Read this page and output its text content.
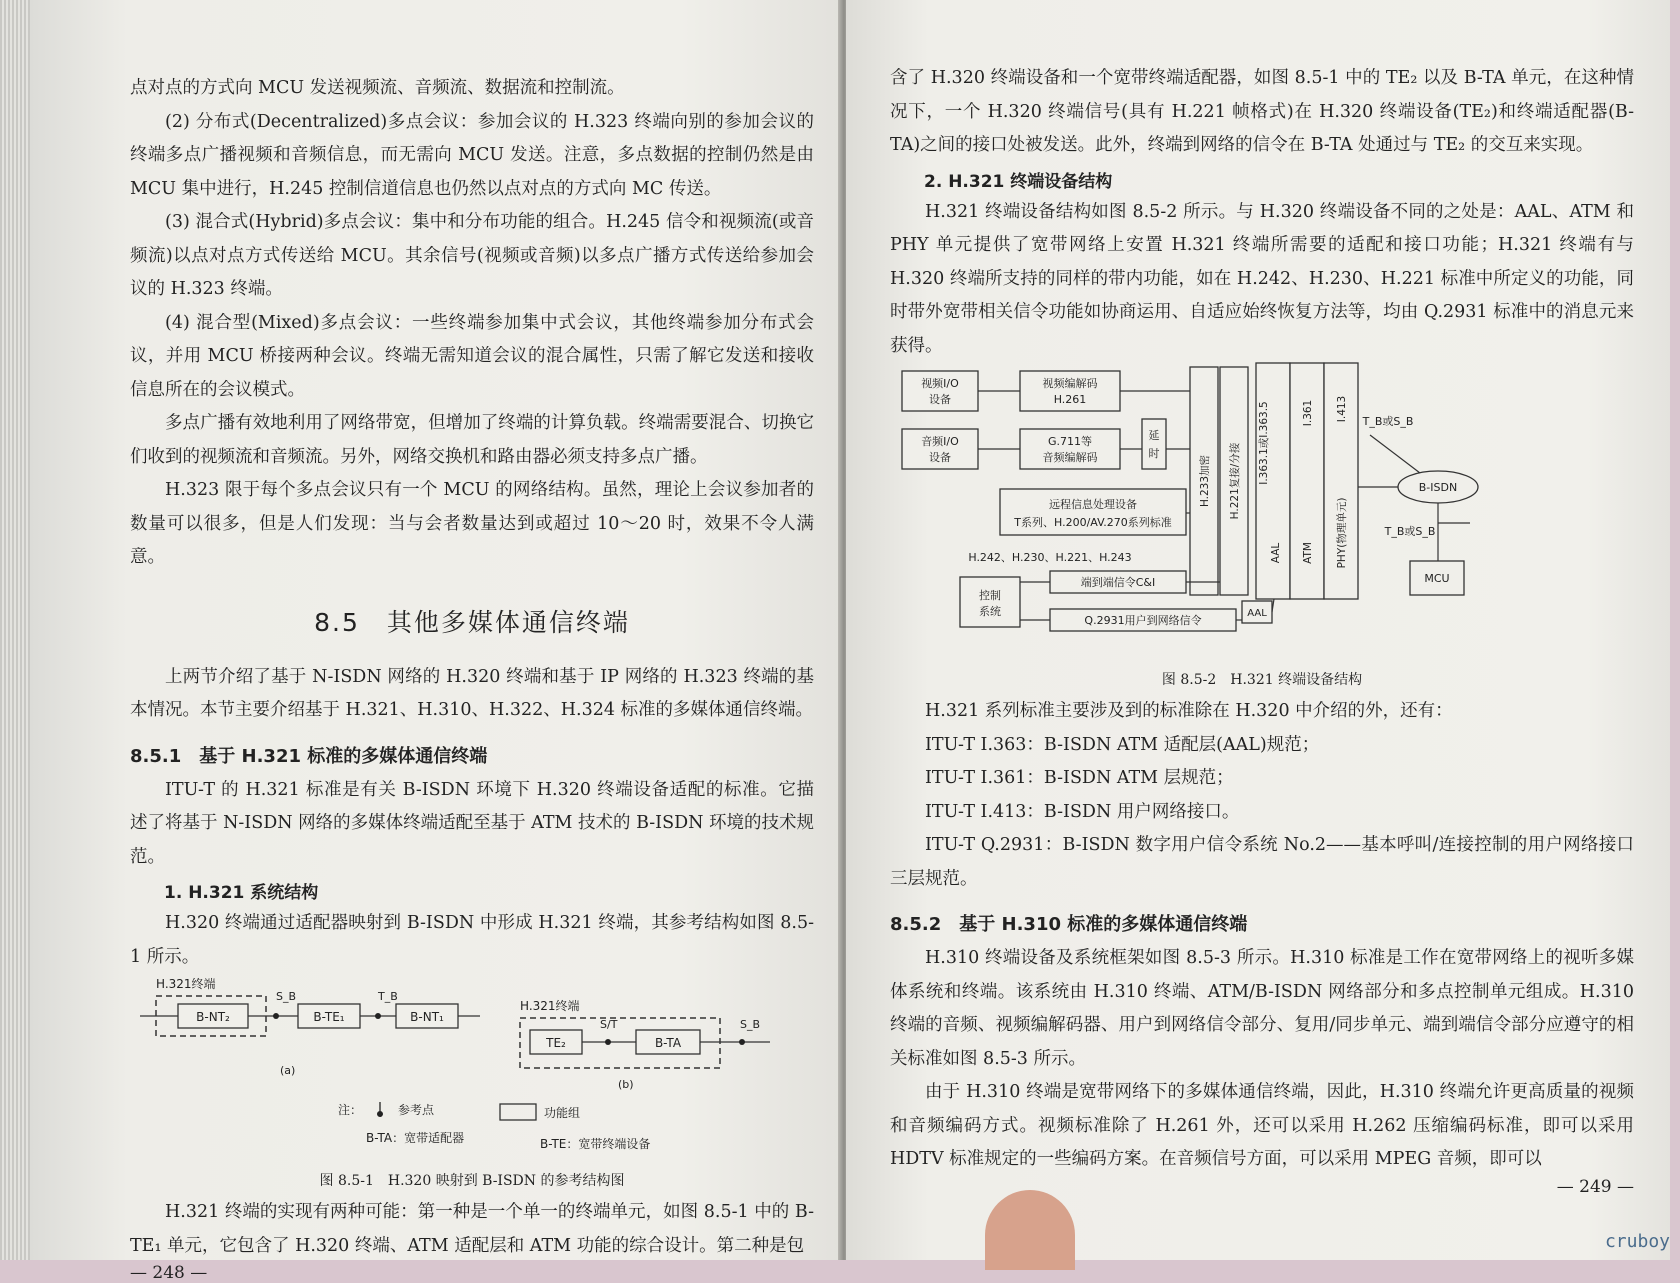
点对点的方式向 MCU 发送视频流、音频流、数据流和控制流。

(2) 分布式(Decentralized)多点会议：参加会议的 H.323 终端向别的参加会议的终端多点广播视频和音频信息，而无需向 MCU 发送。注意，多点数据的控制仍然是由 MCU 集中进行，H.245 控制信道信息也仍然以点对点的方式向 MC 传送。

(3) 混合式(Hybrid)多点会议：集中和分布功能的组合。H.245 信令和视频流(或音频流)以点对点方式传送给 MCU。其余信号(视频或音频)以多点广播方式传送给参加会议的 H.323 终端。

(4) 混合型(Mixed)多点会议：一些终端参加集中式会议，其他终端参加分布式会议，并用 MCU 桥接两种会议。终端无需知道会议的混合属性，只需了解它发送和接收信息所在的会议模式。

多点广播有效地利用了网络带宽，但增加了终端的计算负载。终端需要混合、切换它们收到的视频流和音频流。另外，网络交换机和路由器必须支持多点广播。

H.323 限于每个多点会议只有一个 MCU 的网络结构。虽然，理论上会议参加者的数量可以很多，但是人们发现：当与会者数量达到或超过 10～20 时，效果不令人满意。

8.5　其他多媒体通信终端

上两节介绍了基于 N-ISDN 网络的 H.320 终端和基于 IP 网络的 H.323 终端的基本情况。本节主要介绍基于 H.321、H.310、H.322、H.324 标准的多媒体通信终端。

8.5.1　基于 H.321 标准的多媒体通信终端

ITU-T 的 H.321 标准是有关 B-ISDN 环境下 H.320 终端设备适配的标准。它描述了将基于 N-ISDN 网络的多媒体终端适配至基于 ATM 技术的 B-ISDN 环境的技术规范。

1. H.321 系统结构

H.320 终端通过适配器映射到 B-ISDN 中形成 H.321 终端，其参考结构如图 8.5-1 所示。

H.321终端
B-NT₂
S_B
B-TE₁
T_B
B-NT₁
(a)
H.321终端
TE₂
S/T
B-TA
S_B
(b)
注：	参考点	功能组
B-TA：宽带适配器	B-TE：宽带终端设备
图 8.5-1　H.320 映射到 B-ISDN 的参考结构图

H.321 终端的实现有两种可能：第一种是一个单一的终端单元，如图 8.5-1 中的 B-TE₁ 单元，它包含了 H.320 终端、ATM 适配层和 ATM 功能的综合设计。第二种是包

— 248 —

含了 H.320 终端设备和一个宽带终端适配器，如图 8.5-1 中的 TE₂ 以及 B-TA 单元，在这种情况下，一个 H.320 终端信号(具有 H.221 帧格式)在 H.320 终端设备(TE₂)和终端适配器(B-TA)之间的接口处被发送。此外，终端到网络的信令在 B-TA 处通过与 TE₂ 的交互来实现。

2. H.321 终端设备结构

H.321 终端设备结构如图 8.5-2 所示。与 H.320 终端设备不同的之处是：AAL、ATM 和 PHY 单元提供了宽带网络上安置 H.321 终端所需要的适配和接口功能；H.321 终端有与 H.320 终端所支持的同样的带内功能，如在 H.242、H.230、H.221 标准中所定义的功能，同时带外宽带相关信令功能如协商运用、自适应始终恢复方法等，均由 Q.2931 标准中的消息元来获得。

视频I/O
设备
视频编解码
H.261
音频I/O
设备
G.711等
音频编解码
延
时
远程信息处理设备
T系列、H.200/AV.270系列标准
H.242、H.230、H.221、H.243
控制
系统
端到端信令C&I
Q.2931用户到网络信令
AAL
B-ISDN
MCU
T_B或S_B
T_B或S_B
H.233加密 H.221复接/分接 I.363.1或I.363.5
AAL
I.361
ATM
I.413
PHY(物理单元)
图 8.5-2　H.321 终端设备结构

H.321 系列标准主要涉及到的标准除在 H.320 中介绍的外，还有：

ITU-T I.363：B-ISDN ATM 适配层(AAL)规范；

ITU-T I.361：B-ISDN ATM 层规范；

ITU-T I.413：B-ISDN 用户网络接口。

ITU-T Q.2931：B-ISDN 数字用户信令系统 No.2——基本呼叫/连接控制的用户网络接口三层规范。

8.5.2　基于 H.310 标准的多媒体通信终端

H.310 终端设备及系统框架如图 8.5-3 所示。H.310 标准是工作在宽带网络上的视听多媒体系统和终端。该系统由 H.310 终端、ATM/B-ISDN 网络部分和多点控制单元组成。H.310 终端的音频、视频编解码器、用户到网络信令部分、复用/同步单元、端到端信令部分应遵守的相关标准如图 8.5-3 所示。

由于 H.310 终端是宽带网络下的多媒体通信终端，因此，H.310 终端允许更高质量的视频和音频编码方式。视频标准除了 H.261 外，还可以采用 H.262 压缩编码标准，即可以采用 HDTV 标准规定的一些编码方案。在音频信号方面，可以采用 MPEG 音频，即可以

— 249 —
cruboy
